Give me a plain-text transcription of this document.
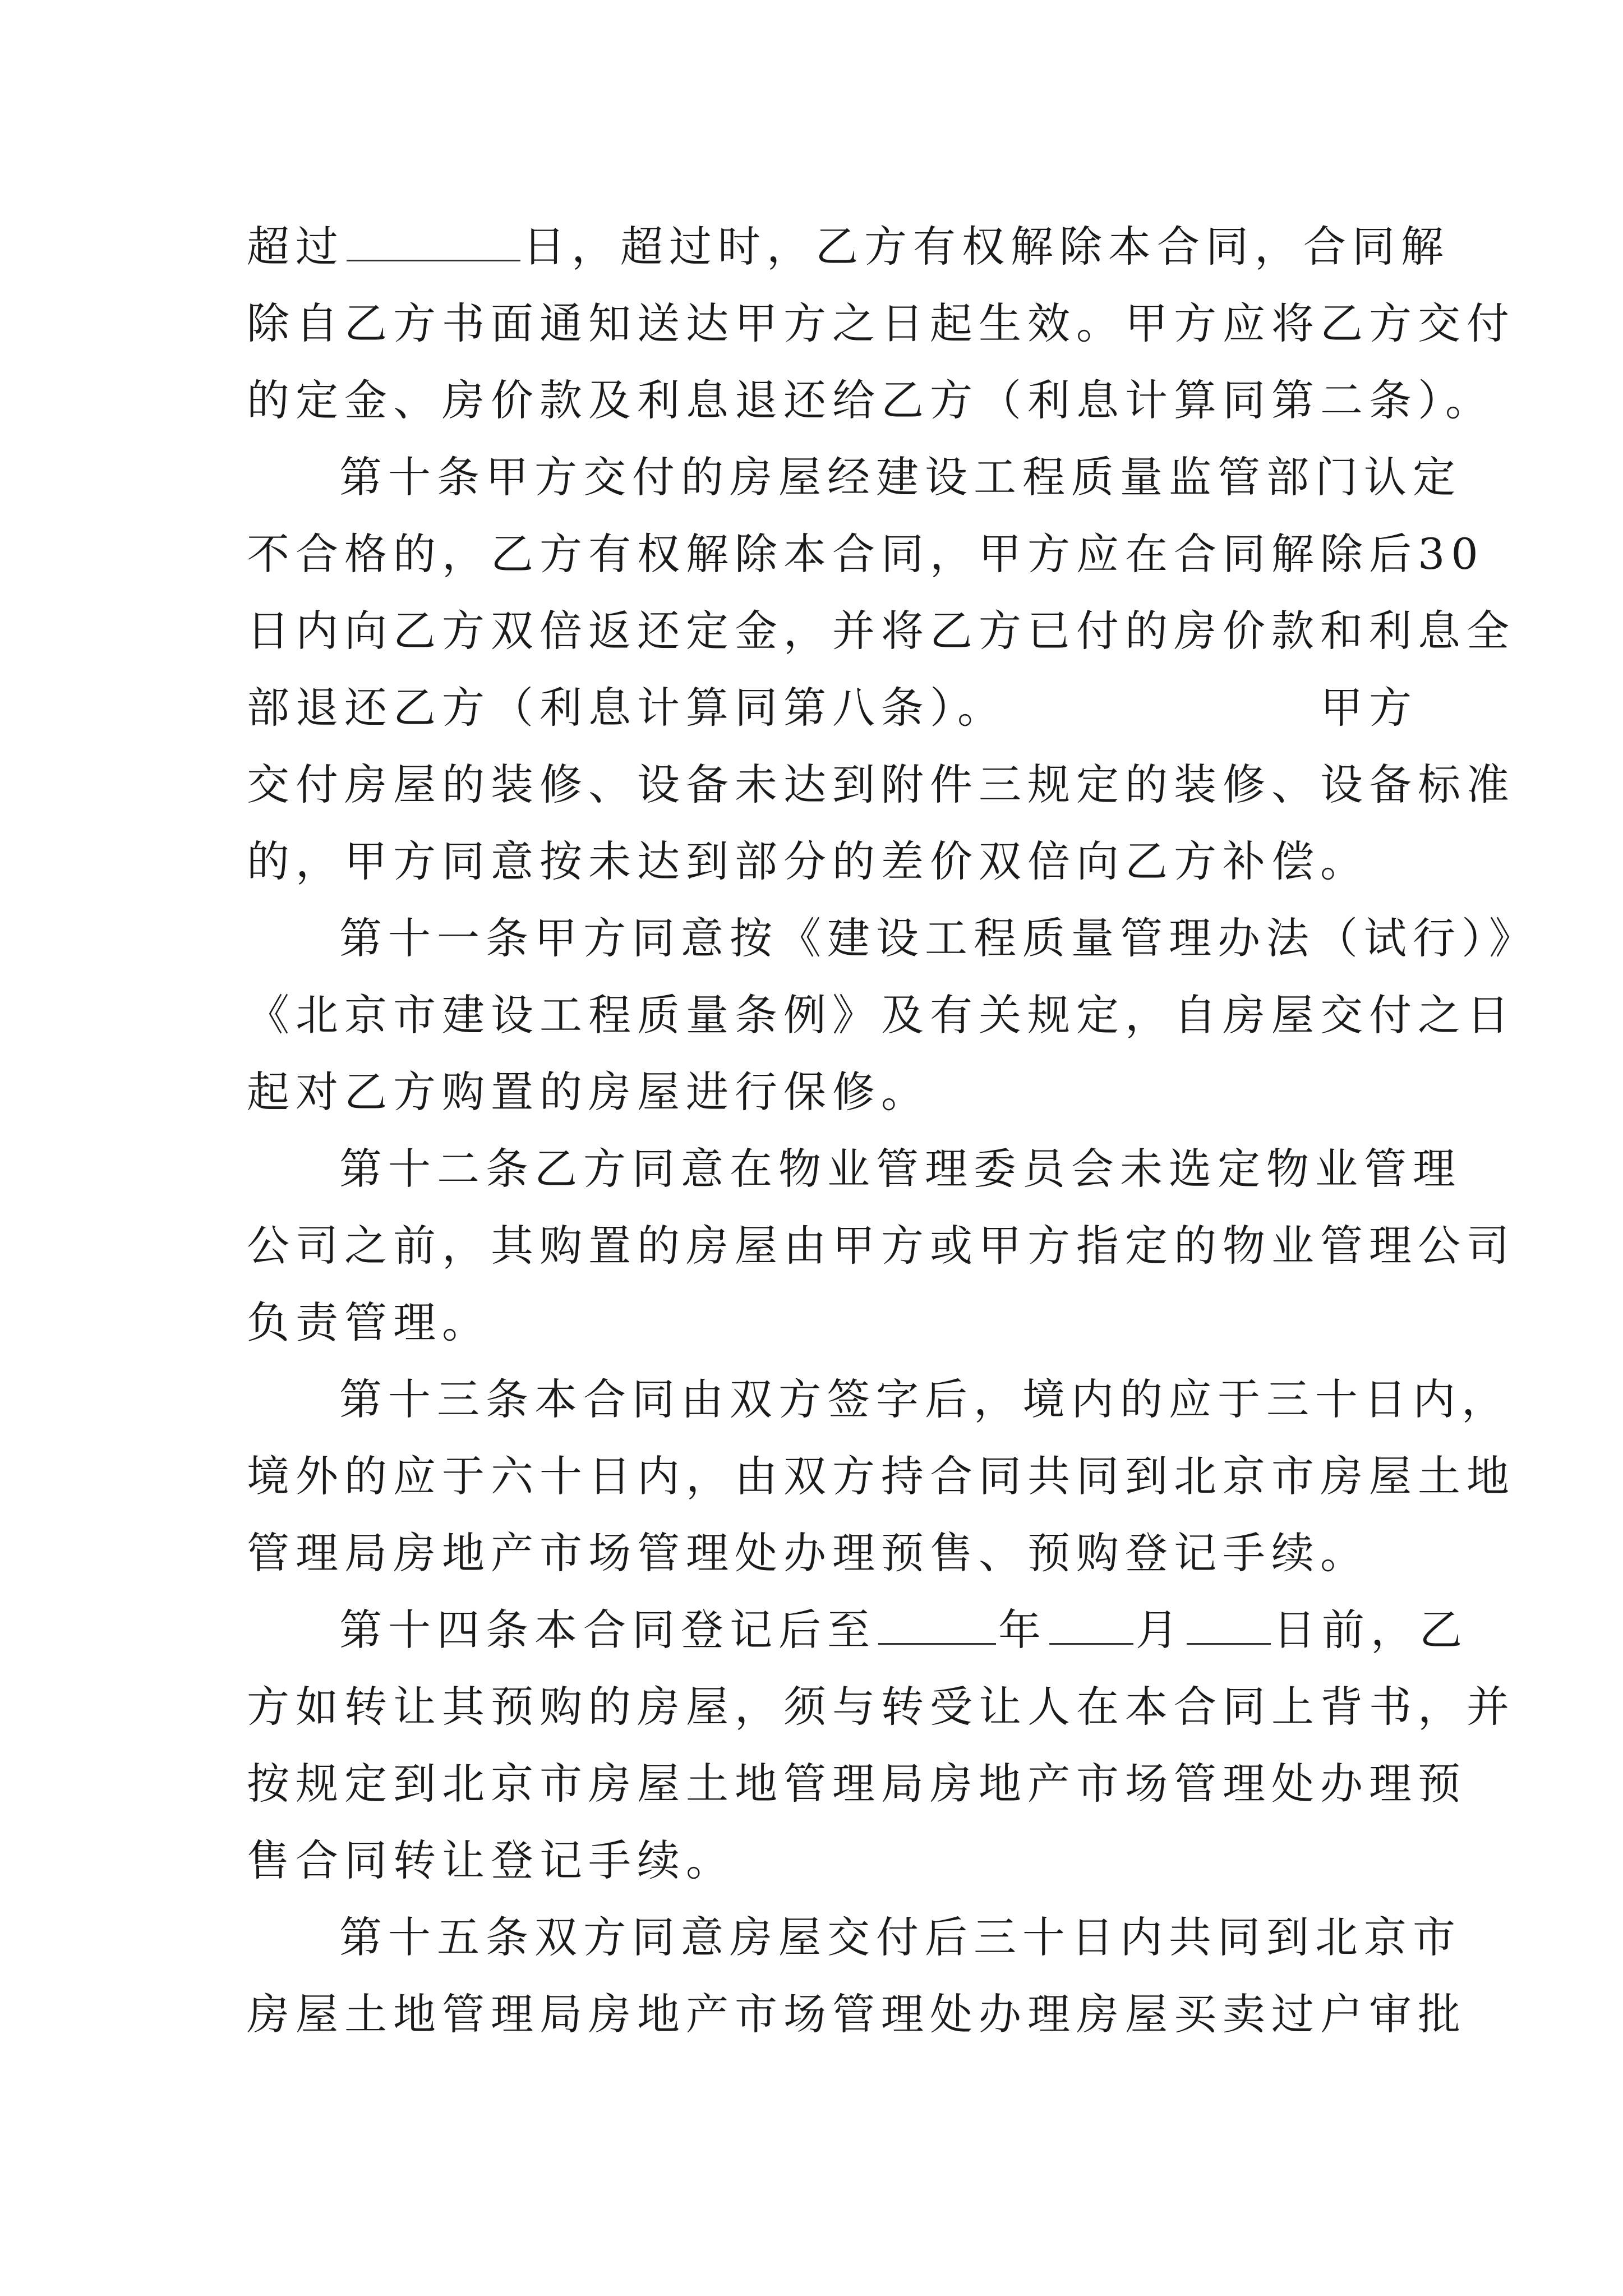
超过	日，超过时，乙方有权解除本合同，合同解
除自乙方书面通知送达甲方之日起生效。甲方应将乙方交付
的定金、房价款及利息退还给乙方（利息计算同第二条）。
第十条甲方交付的房屋经建设工程质量监管部门认定
不合格的，乙方有权解除本合同，甲方应在合同解除后30
日内向乙方双倍返还定金，并将乙方已付的房价款和利息全
部退还乙方（利息计算同第八条）。	甲方
交付房屋的装修、设备未达到附件三规定的装修、设备标准
的，甲方同意按未达到部分的差价双倍向乙方补偿。
第十一条甲方同意按《建设工程质量管理办法（试行）》
《北京市建设工程质量条例》及有关规定，自房屋交付之日
起对乙方购置的房屋进行保修。
第十二条乙方同意在物业管理委员会未选定物业管理
公司之前，其购置的房屋由甲方或甲方指定的物业管理公司
负责管理。
第十三条本合同由双方签字后，境内的应于三十日内，
境外的应于六十日内，由双方持合同共同到北京市房屋土地
管理局房地产市场管理处办理预售、预购登记手续。
第十四条本合同登记后至	年 月 日前，乙
方如转让其预购的房屋，须与转受让人在本合同上背书，并
按规定到北京市房屋土地管理局房地产市场管理处办理预
售合同转让登记手续。
第十五条双方同意房屋交付后三十日内共同到北京市
房屋土地管理局房地产市场管理处办理房屋买卖过户审批
